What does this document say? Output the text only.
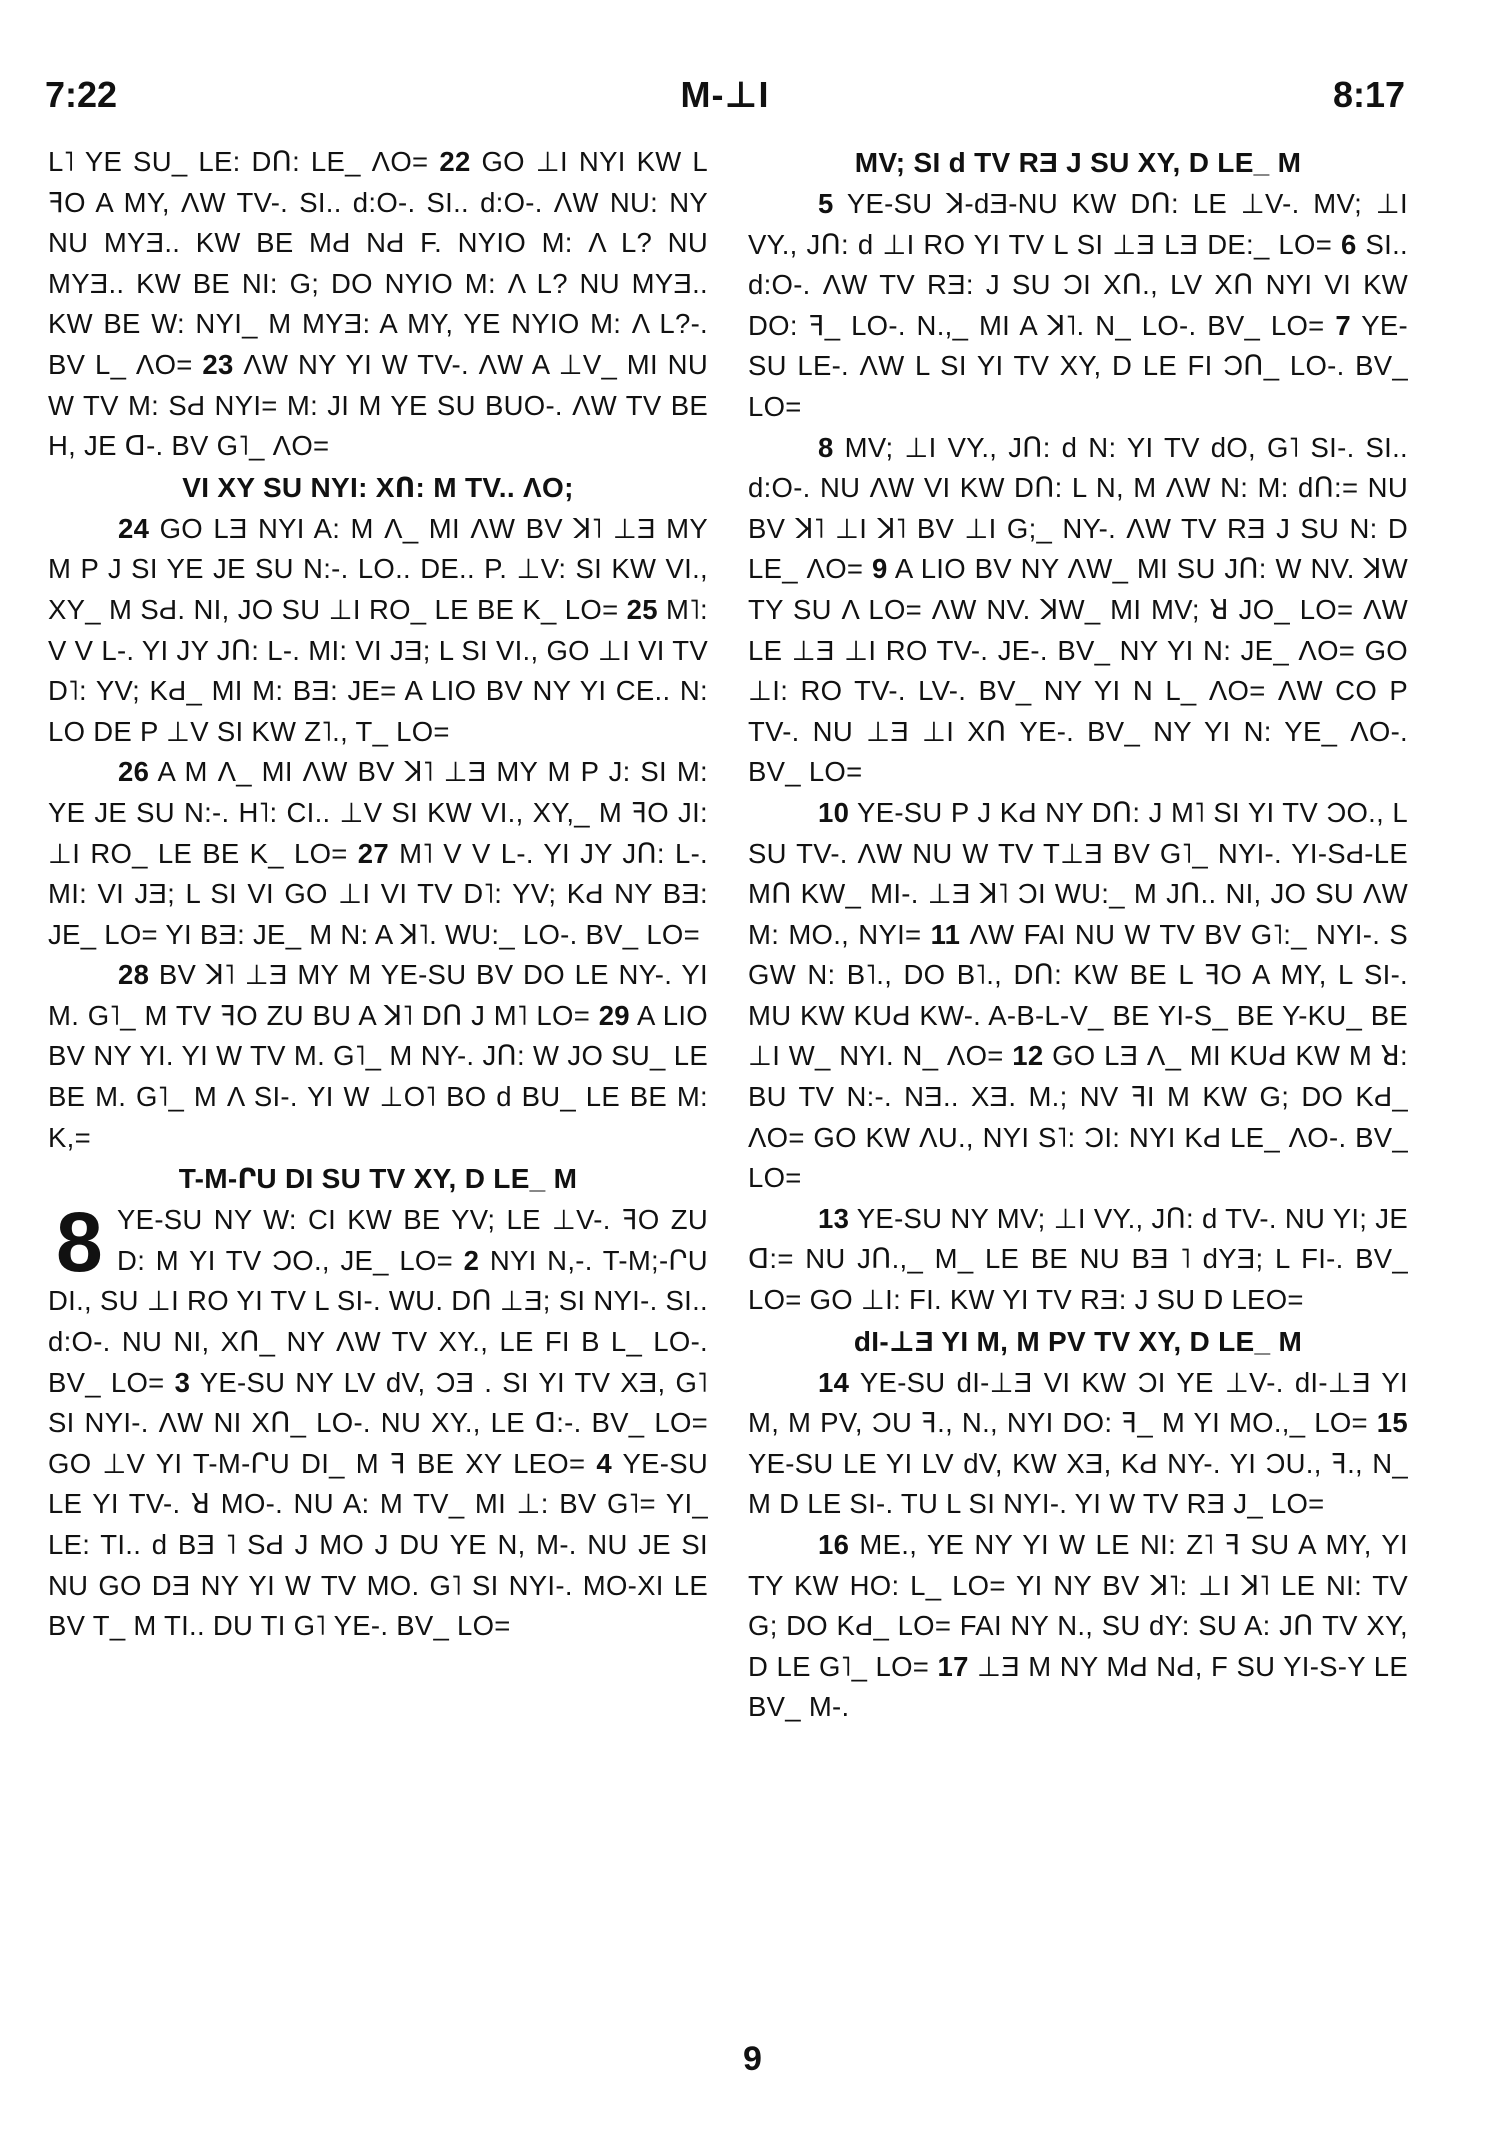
7:22	M-⊥I	8:17

L˥ YE SU_ LE: DՈ: LE_ ΛO= 22 GO ⊥I NYI KW L ꟻO A MY, ΛW TV-. SI.. d:O-. SI.. d:O-. ΛW NU: NY NU MYƎ.. KW BE MԀ NԀ F. NYIO M: Λ L? NU MYƎ.. KW BE NI: G; DO NYIO M: Λ L? NU MYƎ.. KW BE W: NYI_ M MYƎ: A MY, YE NYIO M: Λ L?-. BV L_ ΛO= 23 ΛW NY YI W TV-. ΛW A ⊥V_ MI NU W TV M: SԀ NYI= M: JI M YE SU BUO-. ΛW TV BE H, JE ꓷ-. BV G˥_ ΛO=

VI XY SU NYI: XՈ: M TV.. ΛO;

24 GO LƎ NYI A: M Λ_ MI ΛW BV ꓘ˥ ⊥Ǝ MY M P J SI YE JE SU N:-. LO.. DE.. P. ⊥V: SI KW VI., XY_ M SԀ. NI, JO SU ⊥I RO_ LE BE K_ LO= 25 M˥: V V L-. YI JY JՈ: L-. MI: VI JƎ; L SI VI., GO ⊥I VI TV D˥: YV; KԀ_ MI M: BƎ: JE= A LIO BV NY YI CE.. N: LO DE P ⊥V SI KW Z˥., T_ LO=

26 A M Λ_ MI ΛW BV ꓘ˥ ⊥Ǝ MY M P J: SI M: YE JE SU N:-. H˥: CI.. ⊥V SI KW VI., XY,_ M ꟻO JI: ⊥I RO_ LE BE K_ LO= 27 M˥ V V L-. YI JY JՈ: L-. MI: VI JƎ; L SI VI GO ⊥I VI TV D˥: YV; KԀ NY BƎ: JE_ LO= YI BƎ: JE_ M N: A ꓘ˥. WU:_ LO-. BV_ LO=

28 BV ꓘ˥ ⊥Ǝ MY M YE-SU BV DO LE NY-. YI M. G˥_ M TV ꟻO ZU BU A ꓘ˥ DՈ J M˥ LO= 29 A LIO BV NY YI. YI W TV M. G˥_ M NY-. JՈ: W JO SU_ LE BE M. G˥_ M Λ SI-. YI W ⊥O˥ BO d BU_ LE BE M: K,=

T-M-ՐU DI SU TV XY, D LE_ M

8 YE-SU NY W: CI KW BE YV; LE ⊥V-. ꟻO ZU D: M YI TV ϽO., JE_ LO= 2 NYI N,-. T-M;-ՐU DI., SU ⊥I RO YI TV L SI-. WU. DՈ ⊥Ǝ; SI NYI-. SI.. d:O-. NU NI, XՈ_ NY ΛW TV XY., LE FI B L_ LO-. BV_ LO= 3 YE-SU NY LV dV, ϽƎ . SI YI TV XƎ, G˥ SI NYI-. ΛW NI XՈ_ LO-. NU XY., LE ꓷ:-. BV_ LO= GO ⊥V YI T-M-ՐU DI_ M ꟻ BE XY LEO= 4 YE-SU LE YI TV-. ꓤ MO-. NU A: M TV_ MI ⊥: BV G˥= YI_ LE: TI.. d BƎ ˥ SԀ J MO J DU YE N, M-. NU JE SI NU GO DƎ NY YI W TV MO. G˥ SI NYI-. MO-XI LE BV T_ M TI.. DU TI G˥ YE-. BV_ LO=

MV; SI d TV RƎ J SU XY, D LE_ M

5 YE-SU ꓘ-dƎ-NU KW DՈ: LE ⊥V-. MV; ⊥I VY., JՈ: d ⊥I RO YI TV L SI ⊥Ǝ LƎ DE:_ LO= 6 SI.. d:O-. ΛW TV RƎ: J SU ϽI XՈ., LV XՈ NYI VI KW DO: ꟻ_ LO-. N.,_ MI A ꓘ˥. N_ LO-. BV_ LO= 7 YE-SU LE-. ΛW L SI YI TV XY, D LE FI ϽՈ_ LO-. BV_ LO=

8 MV; ⊥I VY., JՈ: d N: YI TV dO, G˥ SI-. SI.. d:O-. NU ΛW VI KW DՈ: L N, M ΛW N: M: dՈ:= NU BV ꓘ˥ ⊥I ꓘ˥ BV ⊥I G;_ NY-. ΛW TV RƎ J SU N: D LE_ ΛO= 9 A LIO BV NY ΛW_ MI SU JՈ: W NV. ꓘW TY SU Λ LO= ΛW NV. ꓘW_ MI MV; ꓤ JO_ LO= ΛW LE ⊥Ǝ ⊥I RO TV-. JE-. BV_ NY YI N: JE_ ΛO= GO ⊥I: RO TV-. LV-. BV_ NY YI N L_ ΛO= ΛW CO P TV-. NU ⊥Ǝ ⊥I XՈ YE-. BV_ NY YI N: YE_ ΛO-. BV_ LO=

10 YE-SU P J KԀ NY DՈ: J M˥ SI YI TV ϽO., L SU TV-. ΛW NU W TV T⊥Ǝ BV G˥_ NYI-. YI-SԀ-LE MՈ KW_ MI-. ⊥Ǝ ꓘ˥ ϽI WU:_ M JՈ.. NI, JO SU ΛW M: MO., NYI= 11 ΛW FAI NU W TV BV G˥:_ NYI-. S GW N: B˥., DO B˥., DՈ: KW BE L ꟻO A MY, L SI-. MU KW KUԀ KW-. A-B-L-V_ BE YI-S_ BE Y-KU_ BE ⊥I W_ NYI. N_ ΛO= 12 GO LƎ Λ_ MI KUԀ KW M ꓤ: BU TV N:-. NƎ.. XƎ. M.; NV ꟻI M KW G; DO KԀ_ ΛO= GO KW ΛU., NYI S˥: ϽI: NYI KԀ LE_ ΛO-. BV_ LO=

13 YE-SU NY MV; ⊥I VY., JՈ: d TV-. NU YI; JE ꓷ:= NU JՈ.,_ M_ LE BE NU BƎ ˥ dYƎ; L FI-. BV_ LO= GO ⊥I: FI. KW YI TV RƎ: J SU D LEO=

dI-⊥Ǝ YI M, M PV TV XY, D LE_ M

14 YE-SU dI-⊥Ǝ VI KW ϽI YE ⊥V-. dI-⊥Ǝ YI M, M PV, ϽU ꟻ., N., NYI DO: ꟻ_ M YI MO.,_ LO= 15 YE-SU LE YI LV dV, KW XƎ, KԀ NY-. YI ϽU., ꟻ., N_ M D LE SI-. TU L SI NYI-. YI W TV RƎ J_ LO=

16 ME., YE NY YI W LE NI: Z˥ ꟻ SU A MY, YI TY KW HO: L_ LO= YI NY BV ꓘ˥: ⊥I ꓘ˥ LE NI: TV G; DO KԀ_ LO= FAI NY N., SU dY: SU A: JՈ TV XY, D LE G˥_ LO= 17 ⊥Ǝ M NY MԀ NԀ, F SU YI-S-Y LE BV_ M-.

9
